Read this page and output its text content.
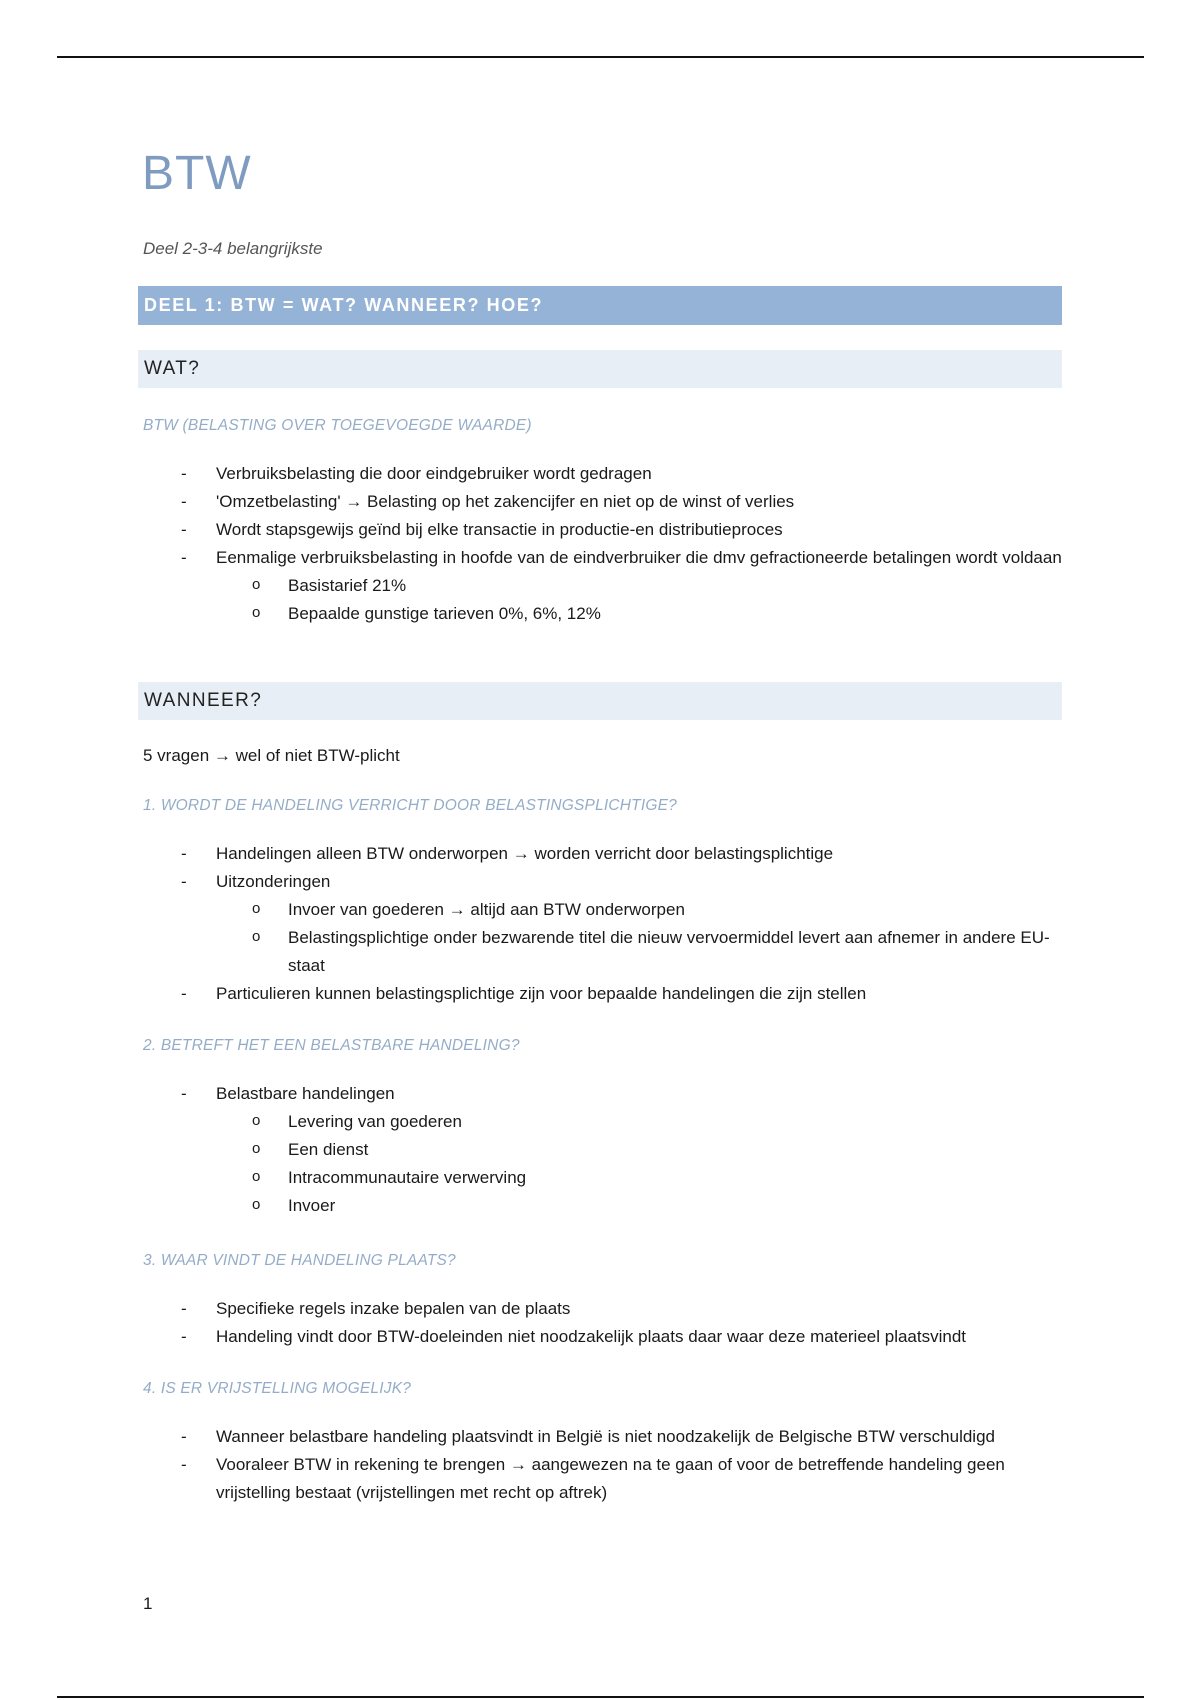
BTW
Deel 2-3-4 belangrijkste
DEEL 1: BTW = WAT? WANNEER? HOE?
WAT?
BTW (BELASTING OVER TOEGEVOEGDE WAARDE)
- Verbruiksbelasting die door eindgebruiker wordt gedragen
- 'Omzetbelasting' → Belasting op het zakencijfer en niet op de winst of verlies
- Wordt stapsgewijs geïnd bij elke transactie in productie-en distributieproces
- Eenmalige verbruiksbelasting in hoofde van de eindverbruiker die dmv gefractioneerde betalingen wordt voldaan
o Basistarief 21%
o Bepaalde gunstige tarieven 0%, 6%, 12%
WANNEER?
5 vragen → wel of niet BTW-plicht
1. WORDT DE HANDELING VERRICHT DOOR BELASTINGSPLICHTIGE?
- Handelingen alleen BTW onderworpen → worden verricht door belastingsplichtige
- Uitzonderingen
o Invoer van goederen → altijd aan BTW onderworpen
o Belastingsplichtige onder bezwarende titel die nieuw vervoermiddel levert aan afnemer in andere EU-staat
- Particulieren kunnen belastingsplichtige zijn voor bepaalde handelingen die zijn stellen
2. BETREFT HET EEN BELASTBARE HANDELING?
- Belastbare handelingen
o Levering van goederen
o Een dienst
o Intracommunautaire verwerving
o Invoer
3. WAAR VINDT DE HANDELING PLAATS?
- Specifieke regels inzake bepalen van de plaats
- Handeling vindt door BTW-doeleinden niet noodzakelijk plaats daar waar deze materieel plaatsvindt
4. IS ER VRIJSTELLING MOGELIJK?
- Wanneer belastbare handeling plaatsvindt in België is niet noodzakelijk de Belgische BTW verschuldigd
- Vooraleer BTW in rekening te brengen → aangewezen na te gaan of voor de betreffende handeling geen vrijstelling bestaat (vrijstellingen met recht op aftrek)
1
